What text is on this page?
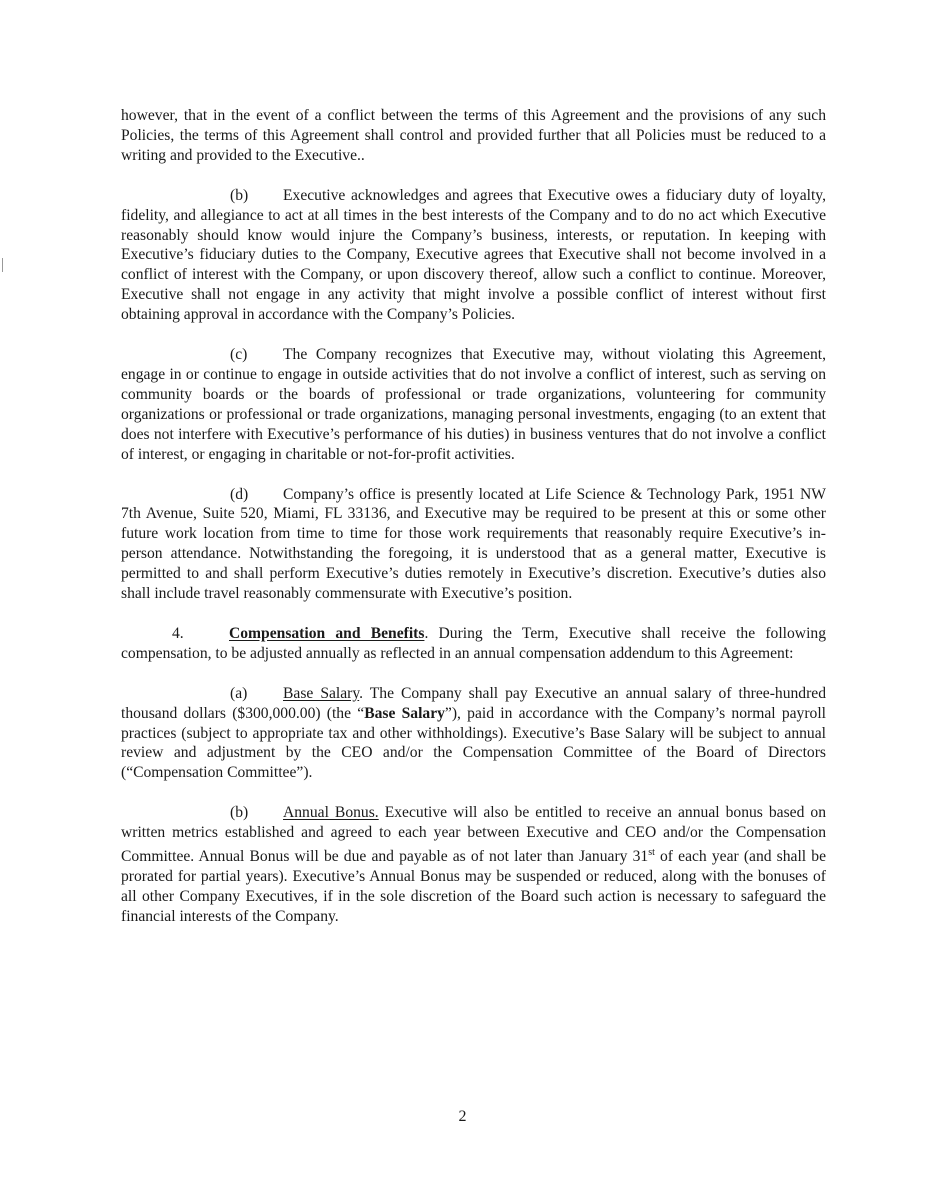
however, that in the event of a conflict between the terms of this Agreement and the provisions of any such Policies, the terms of this Agreement shall control and provided further that all Policies must be reduced to a writing and provided to the Executive..

(b) Executive acknowledges and agrees that Executive owes a fiduciary duty of loyalty, fidelity, and allegiance to act at all times in the best interests of the Company and to do no act which Executive reasonably should know would injure the Company’s business, interests, or reputation. In keeping with Executive’s fiduciary duties to the Company, Executive agrees that Executive shall not become involved in a conflict of interest with the Company, or upon discovery thereof, allow such a conflict to continue. Moreover, Executive shall not engage in any activity that might involve a possible conflict of interest without first obtaining approval in accordance with the Company’s Policies.

(c) The Company recognizes that Executive may, without violating this Agreement, engage in or continue to engage in outside activities that do not involve a conflict of interest, such as serving on community boards or the boards of professional or trade organizations, volunteering for community organizations or professional or trade organizations, managing personal investments, engaging (to an extent that does not interfere with Executive’s performance of his duties) in business ventures that do not involve a conflict of interest, or engaging in charitable or not-for-profit activities.

(d) Company’s office is presently located at Life Science & Technology Park, 1951 NW 7th Avenue, Suite 520, Miami, FL 33136, and Executive may be required to be present at this or some other future work location from time to time for those work requirements that reasonably require Executive’s in-person attendance. Notwithstanding the foregoing, it is understood that as a general matter, Executive is permitted to and shall perform Executive’s duties remotely in Executive’s discretion. Executive’s duties also shall include travel reasonably commensurate with Executive’s position.

4.	Compensation and Benefits. During the Term, Executive shall receive the following compensation, to be adjusted annually as reflected in an annual compensation addendum to this Agreement:

(a) Base Salary. The Company shall pay Executive an annual salary of three-hundred thousand dollars ($300,000.00) (the “Base Salary”), paid in accordance with the Company’s normal payroll practices (subject to appropriate tax and other withholdings). Executive’s Base Salary will be subject to annual review and adjustment by the CEO and/or the Compensation Committee of the Board of Directors (“Compensation Committee”).

(b) Annual Bonus. Executive will also be entitled to receive an annual bonus based on written metrics established and agreed to each year between Executive and CEO and/or the Compensation Committee. Annual Bonus will be due and payable as of not later than January 31st of each year (and shall be prorated for partial years). Executive’s Annual Bonus may be suspended or reduced, along with the bonuses of all other Company Executives, if in the sole discretion of the Board such action is necessary to safeguard the financial interests of the Company.

2
